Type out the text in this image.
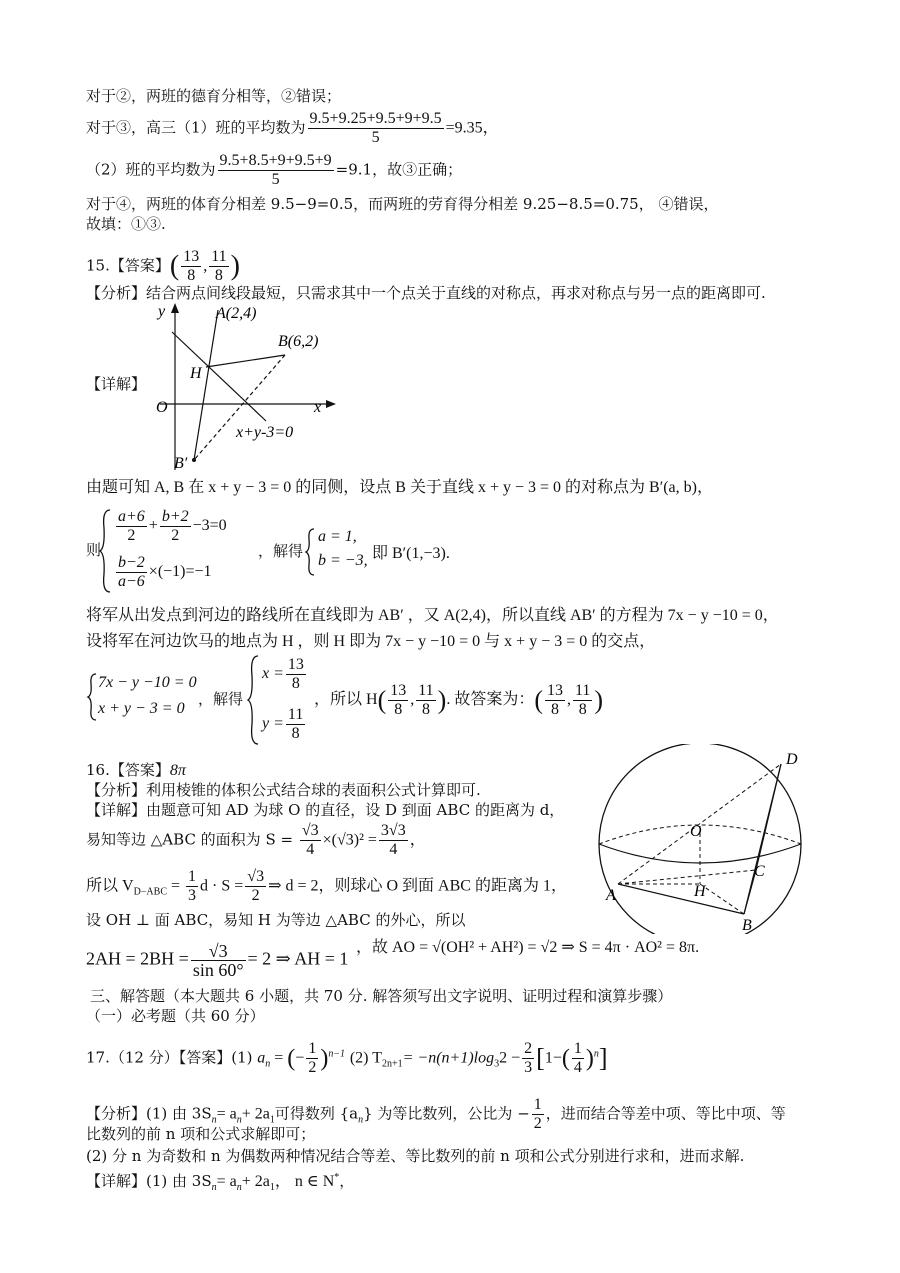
对于②，两班的德育分相等，②错误；
对于③，高三（1）班的平均数为 $\frac{9.5+9.25+9.5+9+9.5}{5} =9.35$，
（2）班的平均数为 $\frac{9.5+8.5+9+9.5+9}{5} =9.1$，故③正确；
对于④，两班的体育分相差 9.5−9=0.5，而两班的劳育得分相差 9.25−8.5=0.75， ④错误，
故填：①③.
15.【答案】( $\frac{13}{8}$ , $\frac{11}{8}$ )
【分析】结合两点间线段最短，只需求其中一个点关于直线的对称点，再求对称点与另一点的距离即可.
【详解】
y
x
O
A(2,4)
B(6,2)
H
B′
x+y-3=0
由题可知 A, B 在 x + y − 3 = 0 的同侧，设点 B 关于直线 x + y − 3 = 0 的对称点为 B′(a, b)，
则
$\frac{a+6}{2} + \frac{b+2}{2} -3=0$
$\frac{b-2}{a-6} \times(-1)=-1$
，解得
a = 1,
b = −3, 即 B′(1,−3).
将军从出发点到河边的路线所在直线即为 AB′ ，又 A(2,4)，所以直线 AB′ 的方程为 7x − y −10 = 0，
设将军在河边饮马的地点为 H ，则 H 即为 7x − y −10 = 0 与 x + y − 3 = 0 的交点，
7x − y −10 = 0
x + y − 3 = 0
，解得
$x = \frac{13}{8}$
$y = \frac{11}{8}$
，所以 $H( \frac{13}{8}$ , $\frac{11}{8}$ ). 故答案为：( $\frac{13}{8}$ , $\frac{11}{8}$ )
16.【答案】8π
【分析】利用棱锥的体积公式结合球的表面积公式计算即可.
【详解】由题意可知 AD 为球 O 的直径，设 D 到面 ABC 的距离为 d，
易知等边 △ABC 的面积为 $S = \frac{√3}{4} \times(√3)^2 = \frac{3√3}{4}$ ，
所以 $V_{D-ABC} = \frac{1}{3}$ $d \cdot S = \frac{√3}{2}$ ⇒ d = 2，则球心 O 到面 ABC 的距离为 1，
设 OH ⊥ 面 ABC，易知 H 为等边 △ABC 的外心，所以
$2AH = 2BH = \frac{√3}{\sin 60^\circ} = 2$ ⇒ AH = 1
，故 AO = √(OH² + AH²) = √2 ⇒ S = 4π · AO² = 8π.
D
O
C
A	H
B
三、解答题（本大题共 6 小题，共 70 分. 解答须写出文字说明、证明过程和演算步骤）
（一）必考题（共 60 分）
17.（12 分）【答案】(1) $a_n$ = (− $\frac{1}{2} )^{n-1}$ (2) $T_{2n+1}= -n(n+1)\log_32 - \frac{2}{3} [1-( \frac{1}{4} )^n]$
【分析】(1) 由 $3S_n= a_n+ 2a_1$可得数列 $\{a_n\}$ 为等比数列，公比为 − $\frac{1}{2}$ ，进而结合等差中项、等比中项、等
比数列的前 n 项和公式求解即可；
(2) 分 n 为奇数和 n 为偶数两种情况结合等差、等比数列的前 n 项和公式分别进行求和，进而求解.
【详解】(1) 由 $3S_n= a_n+ 2a_1$， n ∈ N*，
